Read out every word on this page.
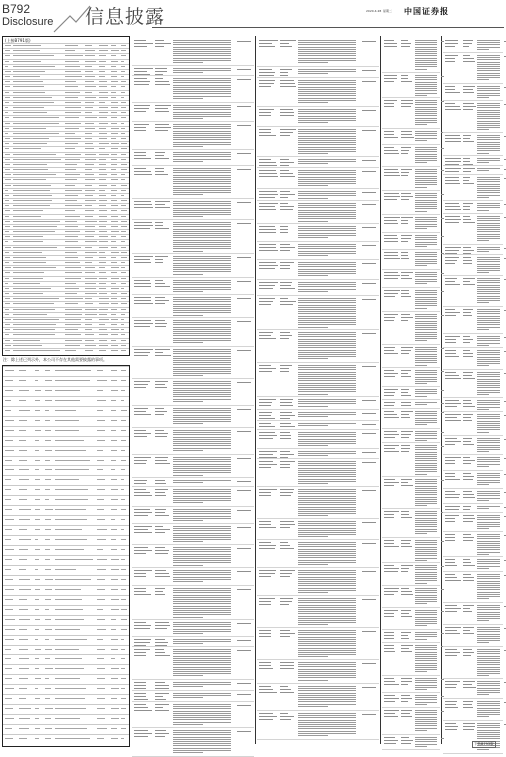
B792
Disclosure 信息披露	2020.4.28 星期二 中国证券报
(上接B791版)
注：除上述已列示外，本公司不存在其他需要披露的事项。
下转B793版
